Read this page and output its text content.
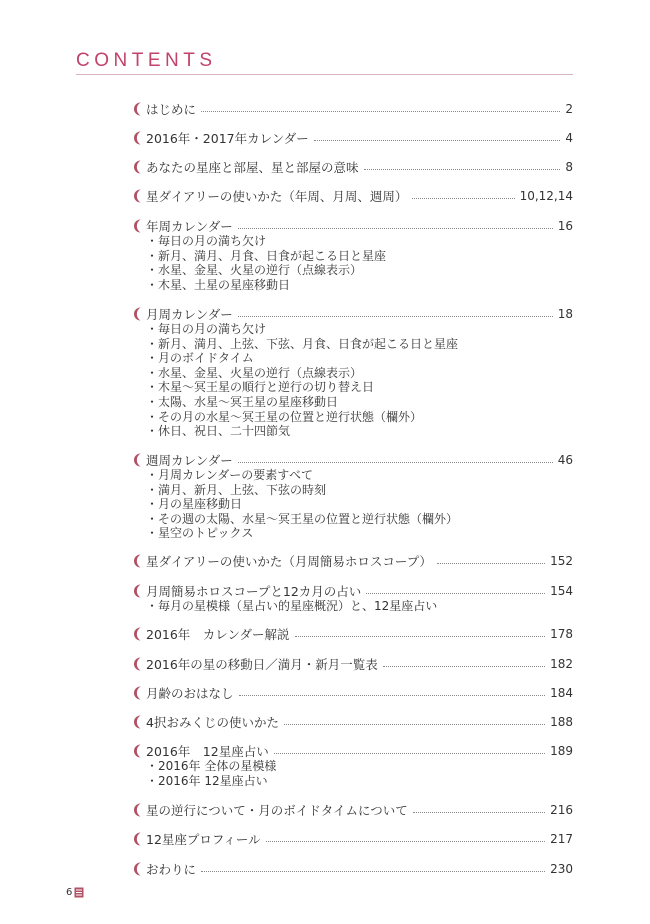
CONTENTS
はじめに	2
2016年・2017年カレンダー	4
あなたの星座と部屋、星と部屋の意味	8
星ダイアリーの使いかた（年周、月周、週周）	10,12,14
年周カレンダー	16
・毎日の月の満ち欠け
・新月、満月、月食、日食が起こる日と星座
・水星、金星、火星の逆行（点線表示）
・木星、土星の星座移動日
月周カレンダー	18
・毎日の月の満ち欠け
・新月、満月、上弦、下弦、月食、日食が起こる日と星座
・月のボイドタイム
・水星、金星、火星の逆行（点線表示）
・木星〜冥王星の順行と逆行の切り替え日
・太陽、水星〜冥王星の星座移動日
・その月の水星〜冥王星の位置と逆行状態（欄外）
・休日、祝日、二十四節気
週周カレンダー	46
・月周カレンダーの要素すべて
・満月、新月、上弦、下弦の時刻
・月の星座移動日
・その週の太陽、水星〜冥王星の位置と逆行状態（欄外）
・星空のトピックス
星ダイアリーの使いかた（月周簡易ホロスコープ）	152
月周簡易ホロスコープと12カ月の占い	154
・毎月の星模様（星占い的星座概況）と、12星座占い
2016年　カレンダー解説	178
2016年の星の移動日／満月・新月一覧表	182
月齢のおはなし	184
4択おみくじの使いかた	188
2016年　12星座占い	189
・2016年 全体の星模様
・2016年 12星座占い
星の逆行について・月のボイドタイムについて	216
12星座プロフィール	217
おわりに	230
6
